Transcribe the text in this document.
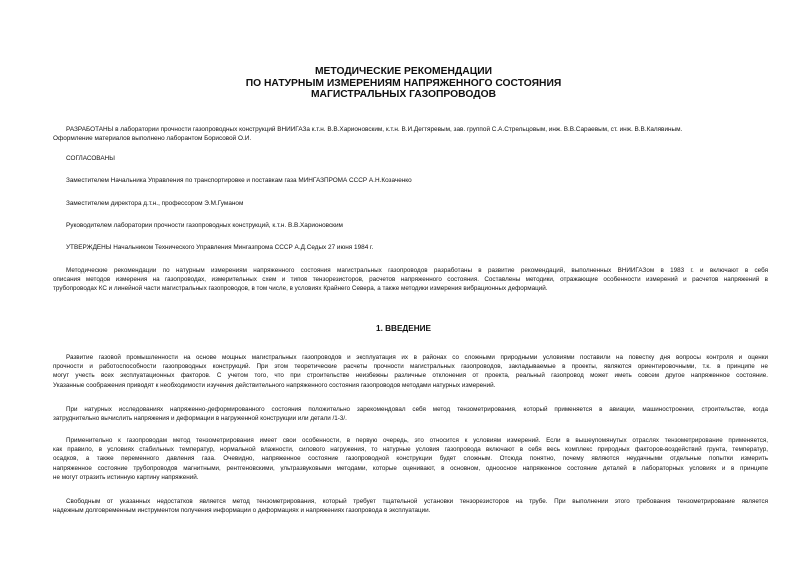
МЕТОДИЧЕСКИЕ РЕКОМЕНДАЦИИ

ПО НАТУРНЫМ ИЗМЕРЕНИЯМ НАПРЯЖЕННОГО СОСТОЯНИЯ

МАГИСТРАЛЬНЫХ ГАЗОПРОВОДОВ

РАЗРАБОТАНЫ в лаборатории прочности газопроводных конструкций ВНИИГАЗа к.т.н. В.В.Харионовским, к.т.н. В.И.Дегтяревым, зав. группой С.А.Стрельцовым, инж. В.В.Сараевым, ст. инж. В.В.Калявиным.

Оформление материалов выполнено лаборантом Борисовой О.И.

СОГЛАСОВАНЫ

Заместителем Начальника Управления по транспортировке и поставкам газа МИНГАЗПРОМА СССР А.Н.Козаченко

Заместителем директора д.т.н., профессором Э.М.Гуманом

Руководителем лаборатории прочности газопроводных конструкций, к.т.н. В.В.Харионовским

УТВЕРЖДЕНЫ Начальником Технического Управления Мингазпрома СССР А.Д.Седых 27 июня 1984 г.

Методические рекомендации по натурным измерениям напряженного состояния магистральных газопроводов разработаны в развитие рекомендаций, выполненных ВНИИГАЗом в 1983 г. и включают в себя
описания методов измерения на газопроводах, измерительных схем и типов тензорезисторов, расчетов напряженного состояния. Составлены методики, отражающие особенности измерений и расчетов напряжений в
трубопроводах КС и линейной части магистральных газопроводов, в том числе, в условиях Крайнего Севера, а также методики измерения вибрационных деформаций.

1. ВВЕДЕНИЕ

Развитие газовой промышленности на основе мощных магистральных газопроводов и эксплуатация их в районах со сложными природными условиями поставили на повестку дня вопросы контроля и оценки
прочности и работоспособности газопроводных конструкций. При этом теоретические расчеты прочности магистральных газопроводов, закладываемые в проекты, являются ориентировочными, т.к. в принципе не
могут учесть всех эксплуатационных факторов. С учетом того, что при строительстве неизбежны различные отклонения от проекта, реальный газопровод может иметь совсем другое напряженное состояние.
Указанные соображения приводят к необходимости изучения действительного напряженного состояния газопроводов методами натурных измерений.
При натурных исследованиях напряженно-деформированного состояния положительно зарекомендовал себя метод тензометрирования, который применяется в авиации, машиностроении, строительстве, когда
затруднительно вычислить напряжения и деформации в нагруженной конструкции или детали /1-3/.
Применительно к газопроводам метод тензометрирования имеет свои особенности, в первую очередь, это относится к условиям измерений. Если в вышеупомянутых отраслях тензометрирование применяется,
как правило, в условиях стабильных температур, нормальной влажности, силового нагружения, то натурные условия газопровода включают в себя весь комплекс природных факторов-воздействий грунта, температур,
осадков, а также переменного давления газа. Очевидно, напряженное состояние газопроводной конструкции будет сложным. Отсюда понятно, почему являются неудачными отдельные попытки измерить
напряженное состояние трубопроводов магнитными, рентгеновскими, ультразвуковыми методами, которые оценивают, в основном, одноосное напряженное состояние деталей в лабораторных условиях и в принципе
не могут отразить истинную картину напряжений.
Свободным от указанных недостатков является метод тензометрирования, который требует тщательной установки тензорезисторов на трубе. При выполнении этого требования тензометрирование является
надежным долговременным инструментом получения информации о деформациях и напряжениях газопровода в эксплуатации.
